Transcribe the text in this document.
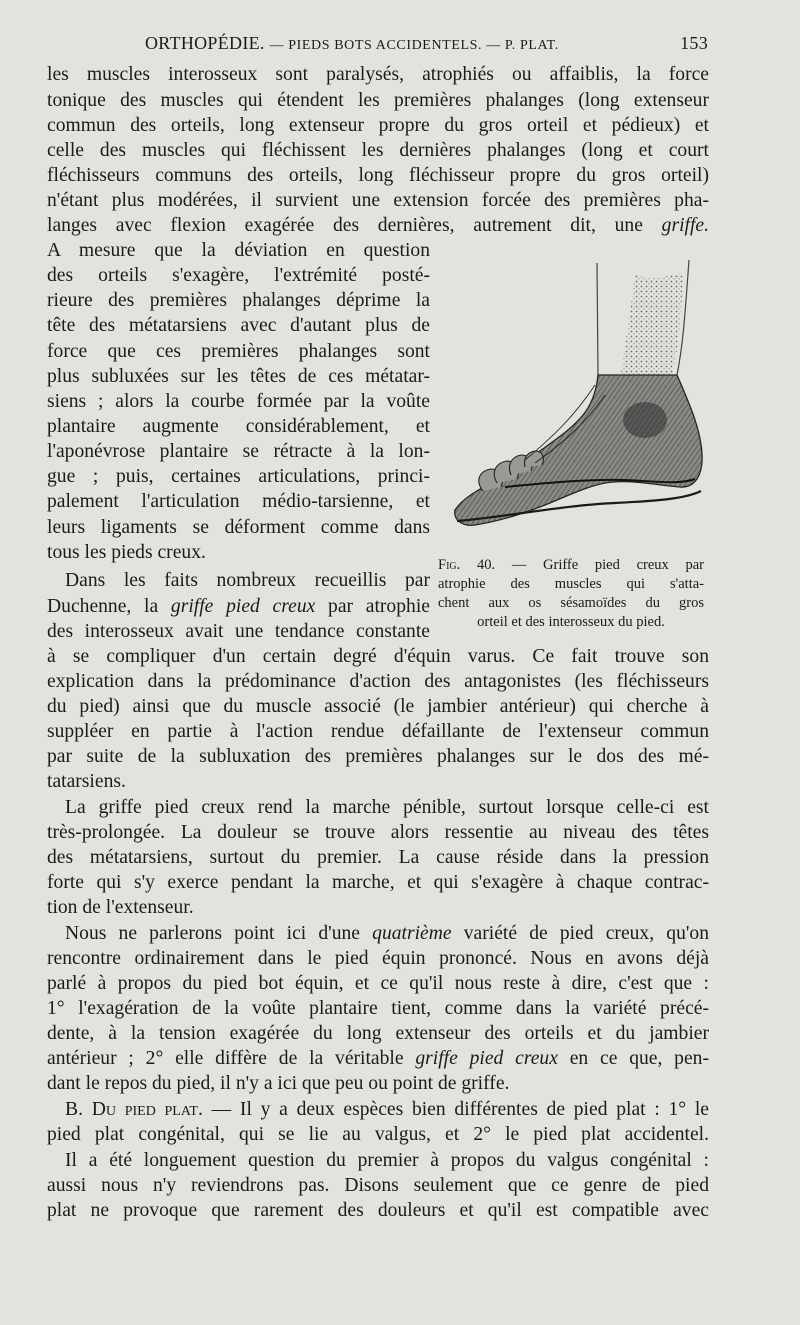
ORTHOPÉDIE. — PIEDS BOTS ACCIDENTELS. — P. PLAT.	153
les muscles interosseux sont paralysés, atrophiés ou affaiblis, la force
tonique des muscles qui étendent les premières phalanges (long extenseur
commun des orteils, long extenseur propre du gros orteil et pédieux) et
celle des muscles qui fléchissent les dernières phalanges (long et court
fléchisseurs communs des orteils, long fléchisseur propre du gros orteil)
n'étant plus modérées, il survient une extension forcée des premières pha-
langes avec flexion exagérée des dernières, autrement dit, une griffe.
A mesure que la déviation en question
des orteils s'exagère, l'extrémité posté-
rieure des premières phalanges déprime la
tête des métatarsiens avec d'autant plus de
force que ces premières phalanges sont
plus subluxées sur les têtes de ces métatar-
siens ; alors la courbe formée par la voûte
plantaire augmente considérablement, et
l'aponévrose plantaire se rétracte à la lon-
gue ; puis, certaines articulations, princi-
palement l'articulation médio-tarsienne, et
leurs ligaments se déforment comme dans
tous les pieds creux.
Dans les faits nombreux recueillis par
Duchenne, la griffe pied creux par atrophie
des interosseux avait une tendance constante
Fig. 40. — Griffe pied creux par
atrophie des muscles qui s'atta-
chent aux os sésamoïdes du gros
orteil et des interosseux du pied.
à se compliquer d'un certain degré d'équin varus. Ce fait trouve son
explication dans la prédominance d'action des antagonistes (les fléchisseurs
du pied) ainsi que du muscle associé (le jambier antérieur) qui cherche à
suppléer en partie à l'action rendue défaillante de l'extenseur commun
par suite de la subluxation des premières phalanges sur le dos des mé-
tatarsiens.
La griffe pied creux rend la marche pénible, surtout lorsque celle-ci est
très-prolongée. La douleur se trouve alors ressentie au niveau des têtes
des métatarsiens, surtout du premier. La cause réside dans la pression
forte qui s'y exerce pendant la marche, et qui s'exagère à chaque contrac-
tion de l'extenseur.
Nous ne parlerons point ici d'une quatrième variété de pied creux, qu'on
rencontre ordinairement dans le pied équin prononcé. Nous en avons déjà
parlé à propos du pied bot équin, et ce qu'il nous reste à dire, c'est que :
1° l'exagération de la voûte plantaire tient, comme dans la variété précé-
dente, à la tension exagérée du long extenseur des orteils et du jambier
antérieur ; 2° elle diffère de la véritable griffe pied creux en ce que, pen-
dant le repos du pied, il n'y a ici que peu ou point de griffe.
B. Du pied plat. — Il y a deux espèces bien différentes de pied plat : 1° le
pied plat congénital, qui se lie au valgus, et 2° le pied plat accidentel.
Il a été longuement question du premier à propos du valgus congénital :
aussi nous n'y reviendrons pas. Disons seulement que ce genre de pied
plat ne provoque que rarement des douleurs et qu'il est compatible avec
